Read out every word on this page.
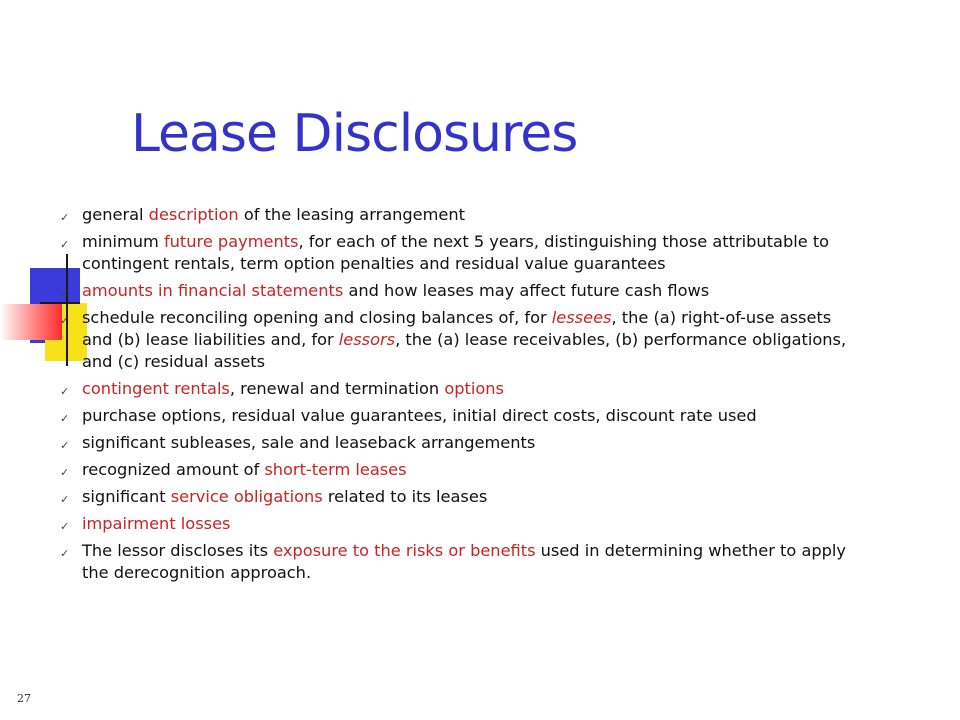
Lease Disclosures
✓ general description of the leasing arrangement
✓ minimum future payments, for each of the next 5 years, distinguishing those attributable to contingent rentals, term option penalties and residual value guarantees
✓ amounts in financial statements and how leases may affect future cash flows
✓ schedule reconciling opening and closing balances of, for lessees, the (a) right-of-use assets and (b) lease liabilities and, for lessors, the (a) lease receivables, (b) performance obligations, and (c) residual assets
✓ contingent rentals, renewal and termination options
✓ purchase options, residual value guarantees, initial direct costs, discount rate used
✓ significant subleases, sale and leaseback arrangements
✓ recognized amount of short-term leases
✓ significant service obligations related to its leases
✓ impairment losses
✓ The lessor discloses its exposure to the risks or benefits used in determining whether to apply the derecognition approach.
27
